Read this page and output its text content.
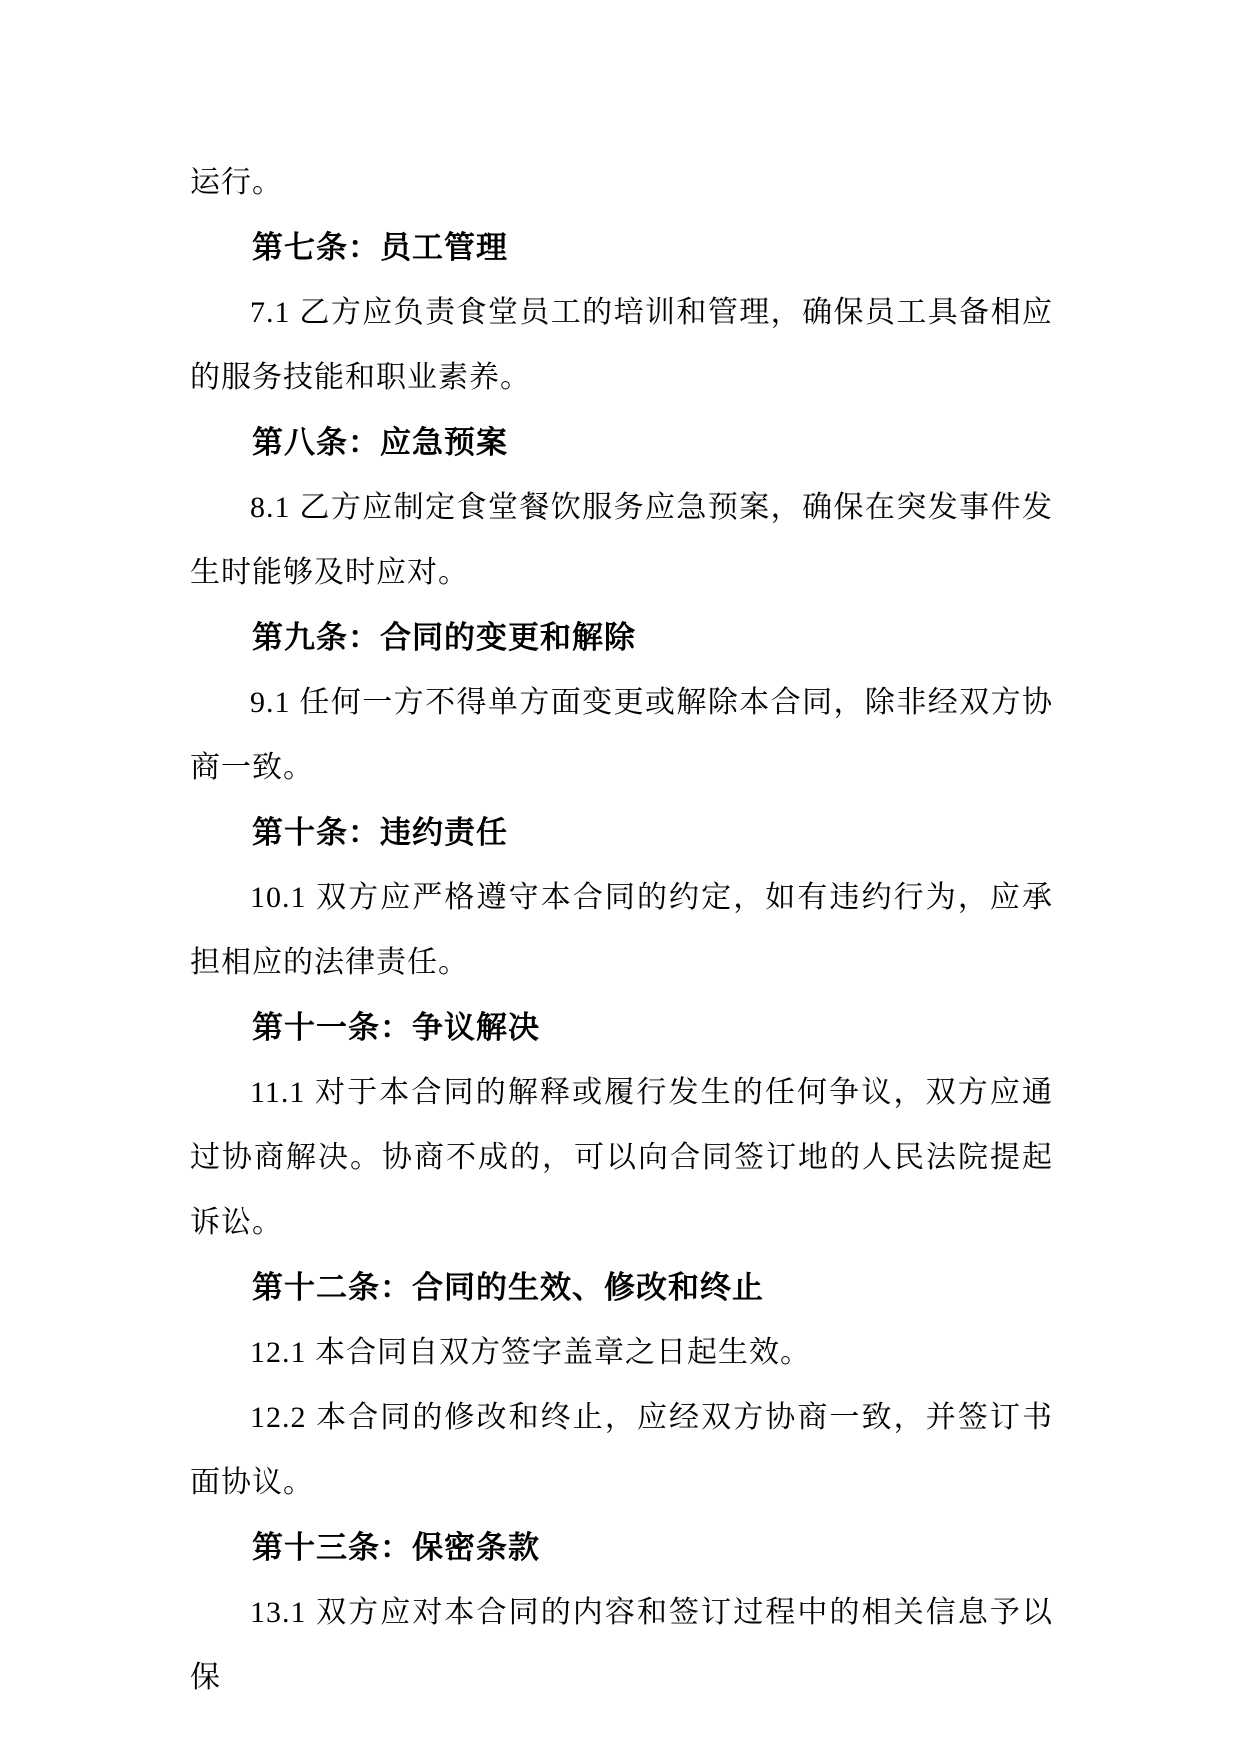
运行。

第七条：员工管理

7.1 乙方应负责食堂员工的培训和管理，确保员工具备相应的服务技能和职业素养。

第八条：应急预案

8.1 乙方应制定食堂餐饮服务应急预案，确保在突发事件发生时能够及时应对。

第九条：合同的变更和解除

9.1 任何一方不得单方面变更或解除本合同，除非经双方协商一致。

第十条：违约责任

10.1 双方应严格遵守本合同的约定，如有违约行为，应承担相应的法律责任。

第十一条：争议解决

11.1 对于本合同的解释或履行发生的任何争议，双方应通过协商解决。协商不成的，可以向合同签订地的人民法院提起诉讼。

第十二条：合同的生效、修改和终止

12.1 本合同自双方签字盖章之日起生效。

12.2 本合同的修改和终止，应经双方协商一致，并签订书面协议。

第十三条：保密条款

13.1 双方应对本合同的内容和签订过程中的相关信息予以保
